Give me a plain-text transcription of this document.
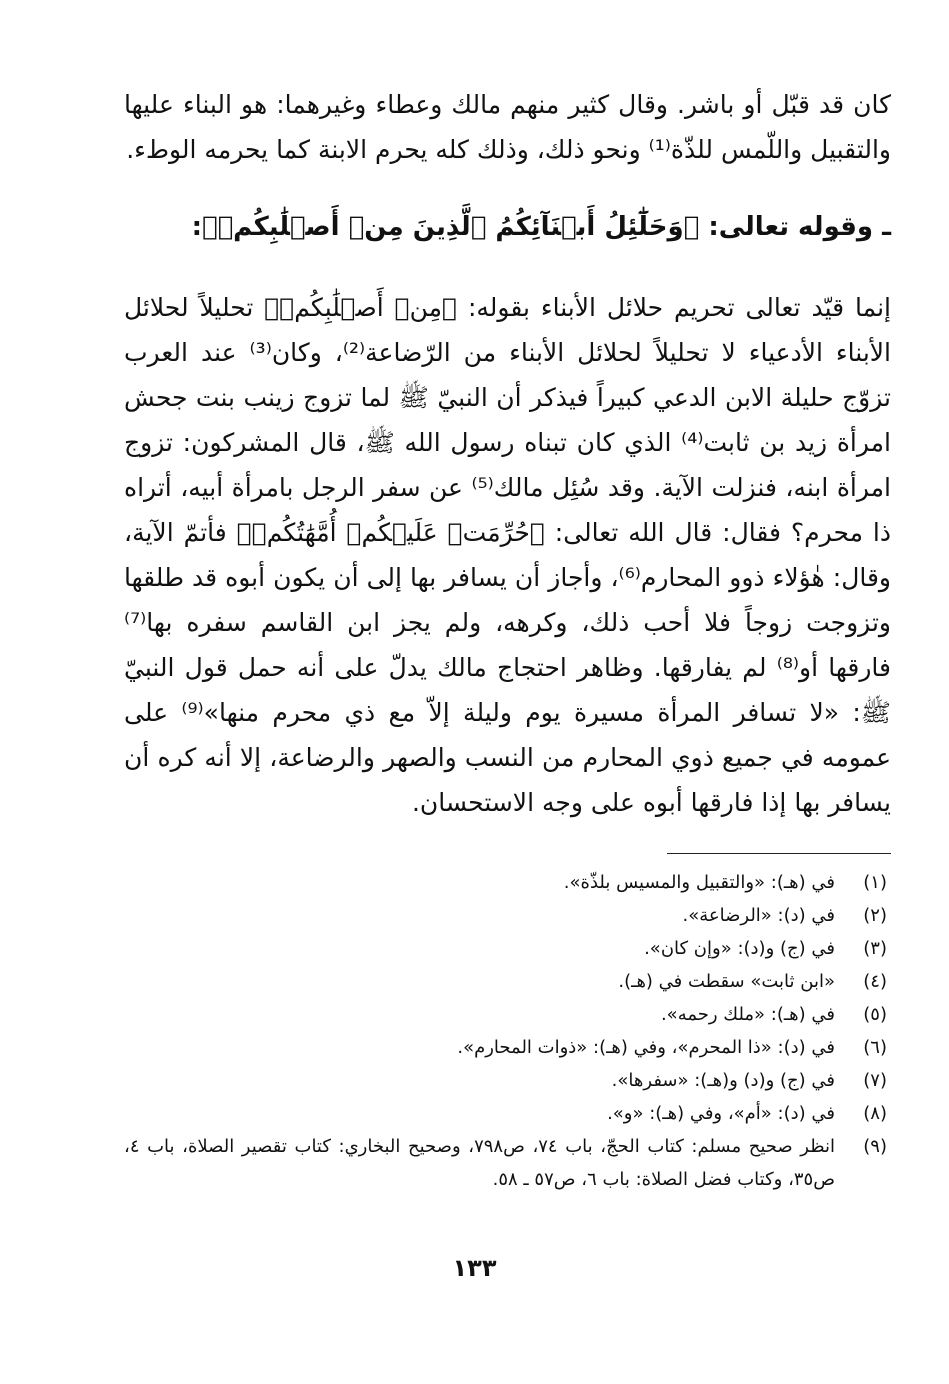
كان قد قبّل أو باشر. وقال كثير منهم مالك وعطاء وغيرهما: هو البناء عليها والتقبيل واللّمس للذّة⁽¹⁾ ونحو ذلك، وذلك كله يحرم الابنة كما يحرمه الوطء.

ـ وقوله تعالى: ﴿وَحَلَٰٓئِلُ أَبۡنَآئِكُمُ ٱلَّذِينَ مِنۡ أَصۡلَٰبِكُمۡ﴾:

إنما قيّد تعالى تحريم حلائل الأبناء بقوله: ﴿مِنۡ أَصۡلَٰبِكُمۡ﴾ تحليلاً لحلائل الأبناء الأدعياء لا تحليلاً لحلائل الأبناء من الرّضاعة⁽²⁾، وكان⁽³⁾ عند العرب تزوّج حليلة الابن الدعي كبيراً فيذكر أن النبيّ ﷺ لما تزوج زينب بنت جحش امرأة زيد بن ثابت⁽⁴⁾ الذي كان تبناه رسول الله ﷺ، قال المشركون: تزوج امرأة ابنه، فنزلت الآية. وقد سُئِل مالك⁽⁵⁾ عن سفر الرجل بامرأة أبيه، أتراه ذا محرم؟ فقال: قال الله تعالى: ﴿حُرِّمَتۡ عَلَيۡكُمۡ أُمَّهَٰتُكُمۡ﴾ فأتمّ الآية، وقال: هٰؤلاء ذوو المحارم⁽⁶⁾، وأجاز أن يسافر بها إلى أن يكون أبوه قد طلقها وتزوجت زوجاً فلا أحب ذلك، وكرهه، ولم يجز ابن القاسم سفره بها⁽⁷⁾ فارقها أو⁽⁸⁾ لم يفارقها. وظاهر احتجاج مالك يدلّ على أنه حمل قول النبيّ ﷺ: «لا تسافر المرأة مسيرة يوم وليلة إلاّ مع ذي محرم منها»⁽⁹⁾ على عمومه في جميع ذوي المحارم من النسب والصهر والرضاعة، إلا أنه كره أن يسافر بها إذا فارقها أبوه على وجه الاستحسان.

(١)
في (هـ): «والتقبيل والمسيس بلذّة».
(٢)
في (د): «الرضاعة».
(٣)
في (ج) و(د): «وإن كان».
(٤)
«ابن ثابت» سقطت في (هـ).
(٥)
في (هـ): «ملك رحمه».
(٦)
في (د): «ذا المحرم»، وفي (هـ): «ذوات المحارم».
(٧)
في (ج) و(د) و(هـ): «سفرها».
(٨)
في (د): «أم»، وفي (هـ): «و».
(٩)
انظر صحيح مسلم: كتاب الحجّ، باب ٧٤، ص٧٩٨، وصحيح البخاري: كتاب تقصير الصلاة، باب ٤، ص٣٥، وكتاب فضل الصلاة: باب ٦، ص٥٧ ـ ٥٨.
١٣٣
